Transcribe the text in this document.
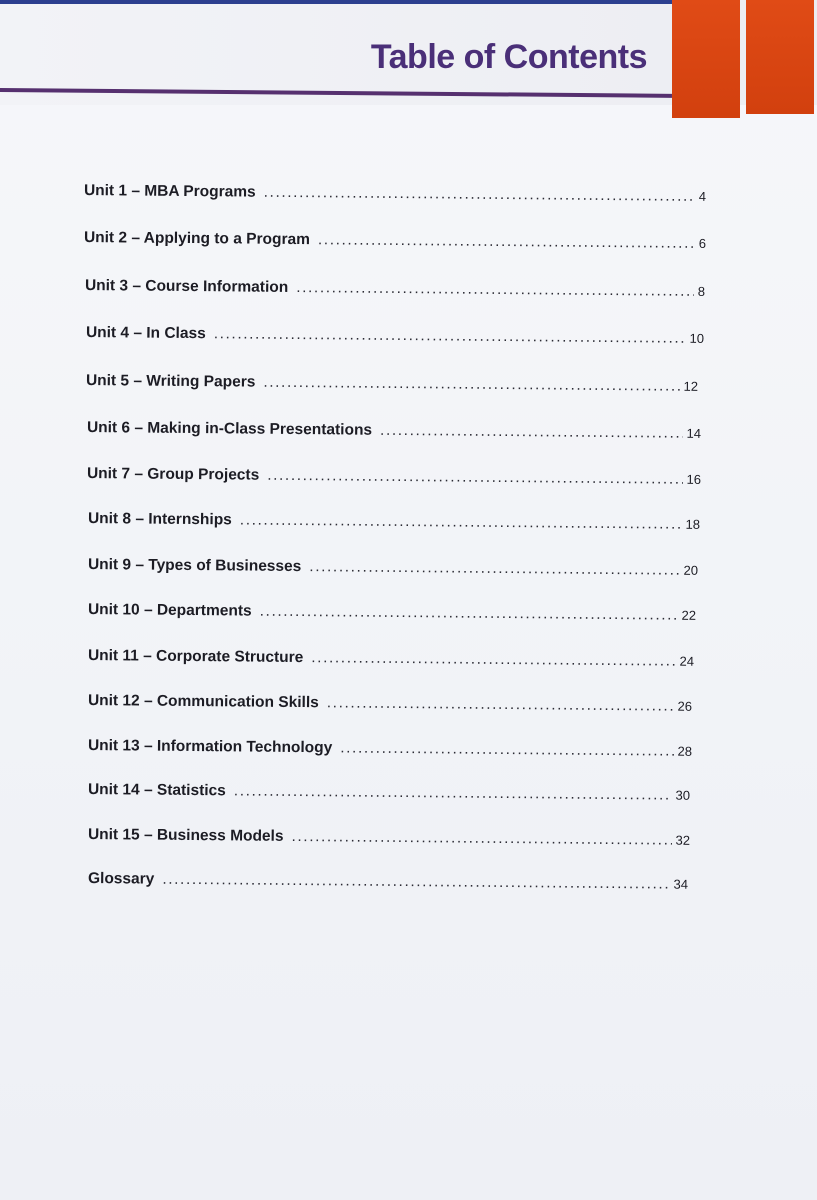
Table of Contents
Unit 1 – MBA Programs .....	4
Unit 2 – Applying to a Program .....	6
Unit 3 – Course Information .....	8
Unit 4 – In Class .....	10
Unit 5 – Writing Papers .....	12
Unit 6 – Making in-Class Presentations .....	14
Unit 7 – Group Projects .....	16
Unit 8 – Internships .....	18
Unit 9 – Types of Businesses .....	20
Unit 10 – Departments .....	22
Unit 11 – Corporate Structure .....	24
Unit 12 – Communication Skills .....	26
Unit 13 – Information Technology .....	28
Unit 14 – Statistics .....	30
Unit 15 – Business Models .....	32
Glossary .....	34
